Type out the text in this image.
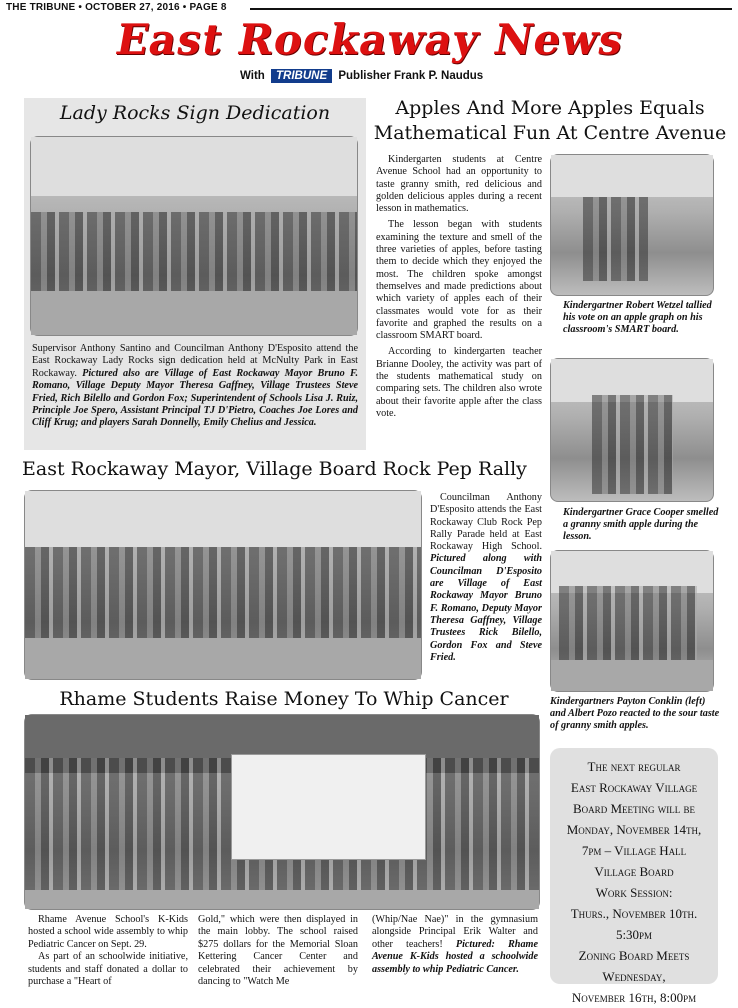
THE TRIBUNE • OCTOBER 27, 2016 • PAGE 8
East Rockaway News
With TRIBUNE Publisher Frank P. Naudus
Lady Rocks Sign Dedication
Supervisor Anthony Santino and Councilman Anthony D'Esposito attend the East Rockaway Lady Rocks sign dedication held at McNulty Park in East Rockaway. Pictured also are Village of East Rockaway Mayor Bruno F. Romano, Village Deputy Mayor Theresa Gaffney, Village Trustees Steve Fried, Rich Bilello and Gordon Fox; Superintendent of Schools Lisa J. Ruiz, Principle Joe Spero, Assistant Principal TJ D'Pietro, Coaches Joe Lores and Cliff Krug; and players Sarah Donnelly, Emily Chelius and Jessica.
Apples And More Apples Equals
Mathematical Fun At Centre Avenue

Kindergarten students at Centre Avenue School had an opportunity to taste granny smith, red delicious and golden delicious apples during a recent lesson in mathematics.

The lesson began with students examining the texture and smell of the three varieties of apples, before tasting them to decide which they enjoyed the most. The children spoke amongst themselves and made predictions about which variety of apples each of their classmates would vote for as their favorite and graphed the results on a classroom SMART board.

According to kindergarten teacher Brianne Dooley, the activity was part of the students mathematical study on comparing sets. The children also wrote about their favorite apple after the class vote.

Kindergartner Robert Wetzel tallied his vote on an apple graph on his classroom's SMART board.
Kindergartner Grace Cooper smelled a granny smith apple during the lesson.
Kindergartners Payton Conklin (left) and Albert Pozo reacted to the sour taste of granny smith apples.
East Rockaway Mayor, Village Board Rock Pep Rally
Councilman Anthony D'Esposito attends the East Rockaway Club Rock Pep Rally Parade held at East Rockaway High School. Pictured along with Councilman D'Esposito are Village of East Rockaway Mayor Bruno F. Romano, Deputy Mayor Theresa Gaffney, Village Trustees Rick Bilello, Gordon Fox and Steve Fried.
Rhame Students Raise Money To Whip Cancer

Rhame Avenue School's K-Kids hosted a school wide assembly to whip Pediatric Cancer on Sept. 29.

As part of an schoolwide initiative, students and staff donated a dollar to purchase a "Heart of

Gold," which were then displayed in the main lobby. The school raised $275 dollars for the Memorial Sloan Kettering Cancer Center and celebrated their achievement by dancing to "Watch Me
(Whip/Nae Nae)" in the gymnasium alongside Principal Erik Walter and other teachers! Pictured: Rhame Avenue K-Kids hosted a schoolwide assembly to whip Pediatric Cancer.
The next regular
East Rockaway Village
Board Meeting will be
Monday, November 14th,
7pm – Village Hall
Village Board
Work Session:
Thurs., November 10th.
5:30pm
Zoning Board Meets
Wednesday,
November 16th, 8:00pm
